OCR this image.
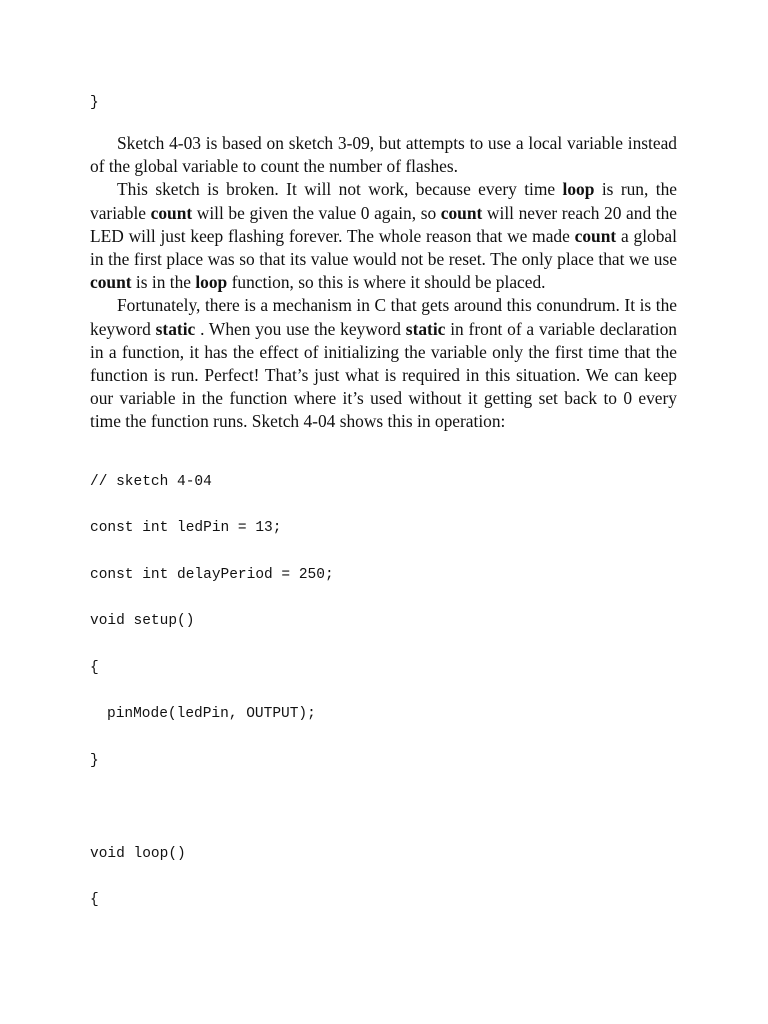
}

Sketch 4-03 is based on sketch 3-09, but attempts to use a local variable instead of the global variable to count the number of flashes.

This sketch is broken. It will not work, because every time loop is run, the variable count will be given the value 0 again, so count will never reach 20 and the LED will just keep flashing forever. The whole reason that we made count a global in the first place was so that its value would not be reset. The only place that we use count is in the loop function, so this is where it should be placed.

Fortunately, there is a mechanism in C that gets around this conundrum. It is the keyword static . When you use the keyword static in front of a variable declaration in a function, it has the effect of initializing the variable only the first time that the function is run. Perfect! That’s just what is required in this situation. We can keep our variable in the function where it’s used without it getting set back to 0 every time the function runs. Sketch 4-04 shows this in operation:

// sketch 4-04
const int ledPin = 13;
const int delayPeriod = 250;
void setup()
{
pinMode(ledPin, OUTPUT);
}
void loop()
{
